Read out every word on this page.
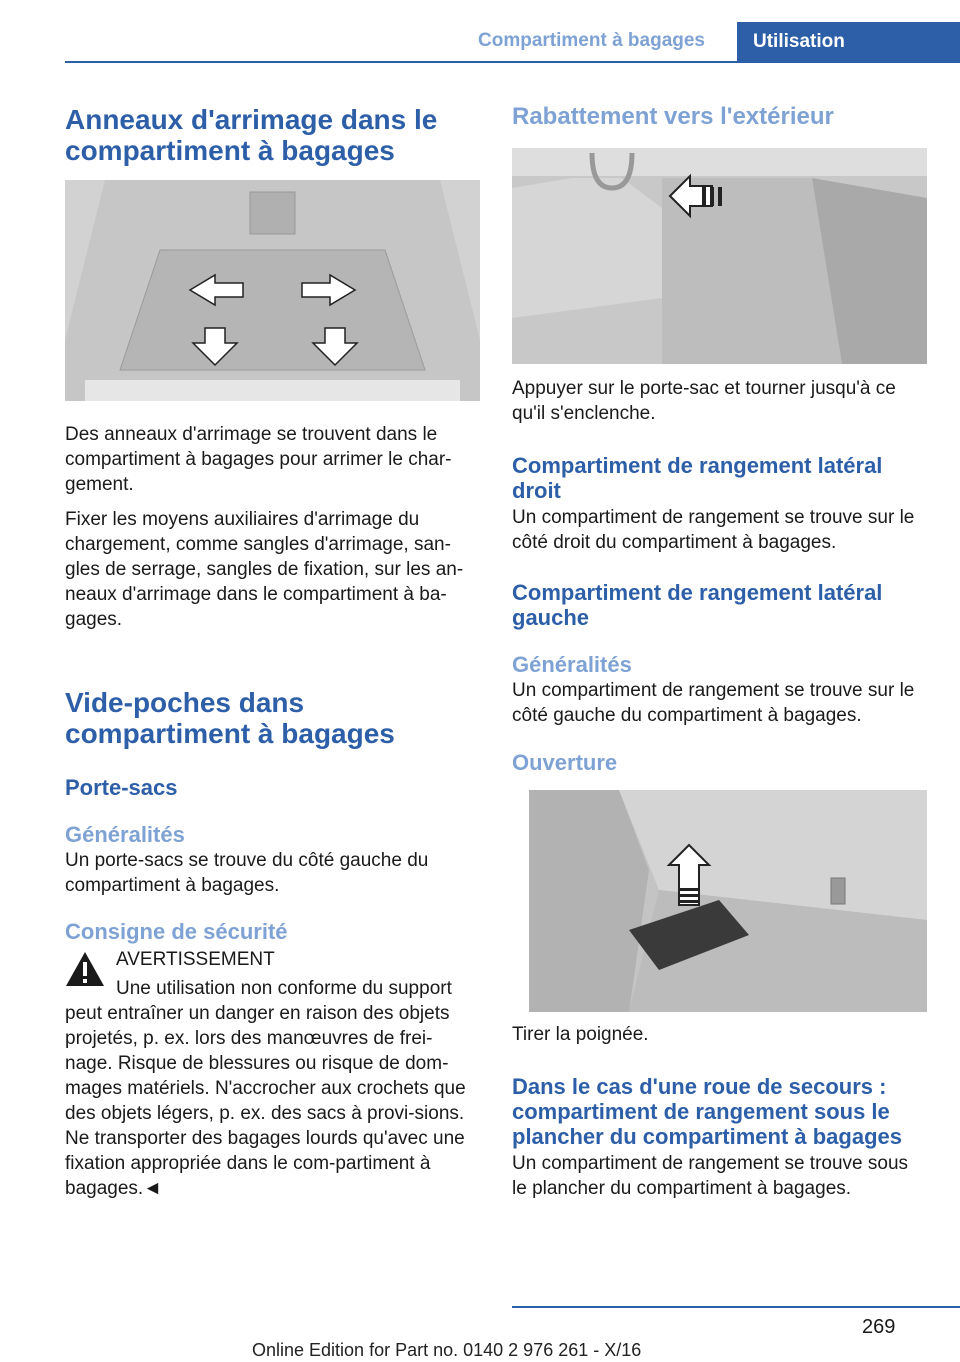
Compartiment à bagages	Utilisation
Anneaux d'arrimage dans le compartiment à bagages

Des anneaux d'arrimage se trouvent dans le compartiment à bagages pour arrimer le char-gement.

Fixer les moyens auxiliaires d'arrimage du chargement, comme sangles d'arrimage, san-gles de serrage, sangles de fixation, sur les an-neaux d'arrimage dans le compartiment à ba-gages.

Vide-poches dans compartiment à bagages
Porte-sacs
Généralités

Un porte-sacs se trouve du côté gauche du compartiment à bagages.

Consigne de sécurité
AVERTISSEMENT

Une utilisation non conforme du support peut entraîner un danger en raison des objets projetés, p. ex. lors des manœuvres de frei-nage. Risque de blessures ou risque de dom-mages matériels. N'accrocher aux crochets que des objets légers, p. ex. des sacs à provi-sions. Ne transporter des bagages lourds qu'avec une fixation appropriée dans le com-partiment à bagages.◄

Rabattement vers l'extérieur

Appuyer sur le porte-sac et tourner jusqu'à ce qu'il s'enclenche.

Compartiment de rangement latéral droit

Un compartiment de rangement se trouve sur le côté droit du compartiment à bagages.

Compartiment de rangement latéral gauche
Généralités

Un compartiment de rangement se trouve sur le côté gauche du compartiment à bagages.

Ouverture

Tirer la poignée.

Dans le cas d'une roue de secours : compartiment de rangement sous le plancher du compartiment à bagages

Un compartiment de rangement se trouve sous le plancher du compartiment à bagages.

269
Online Edition for Part no. 0140 2 976 261 - X/16
